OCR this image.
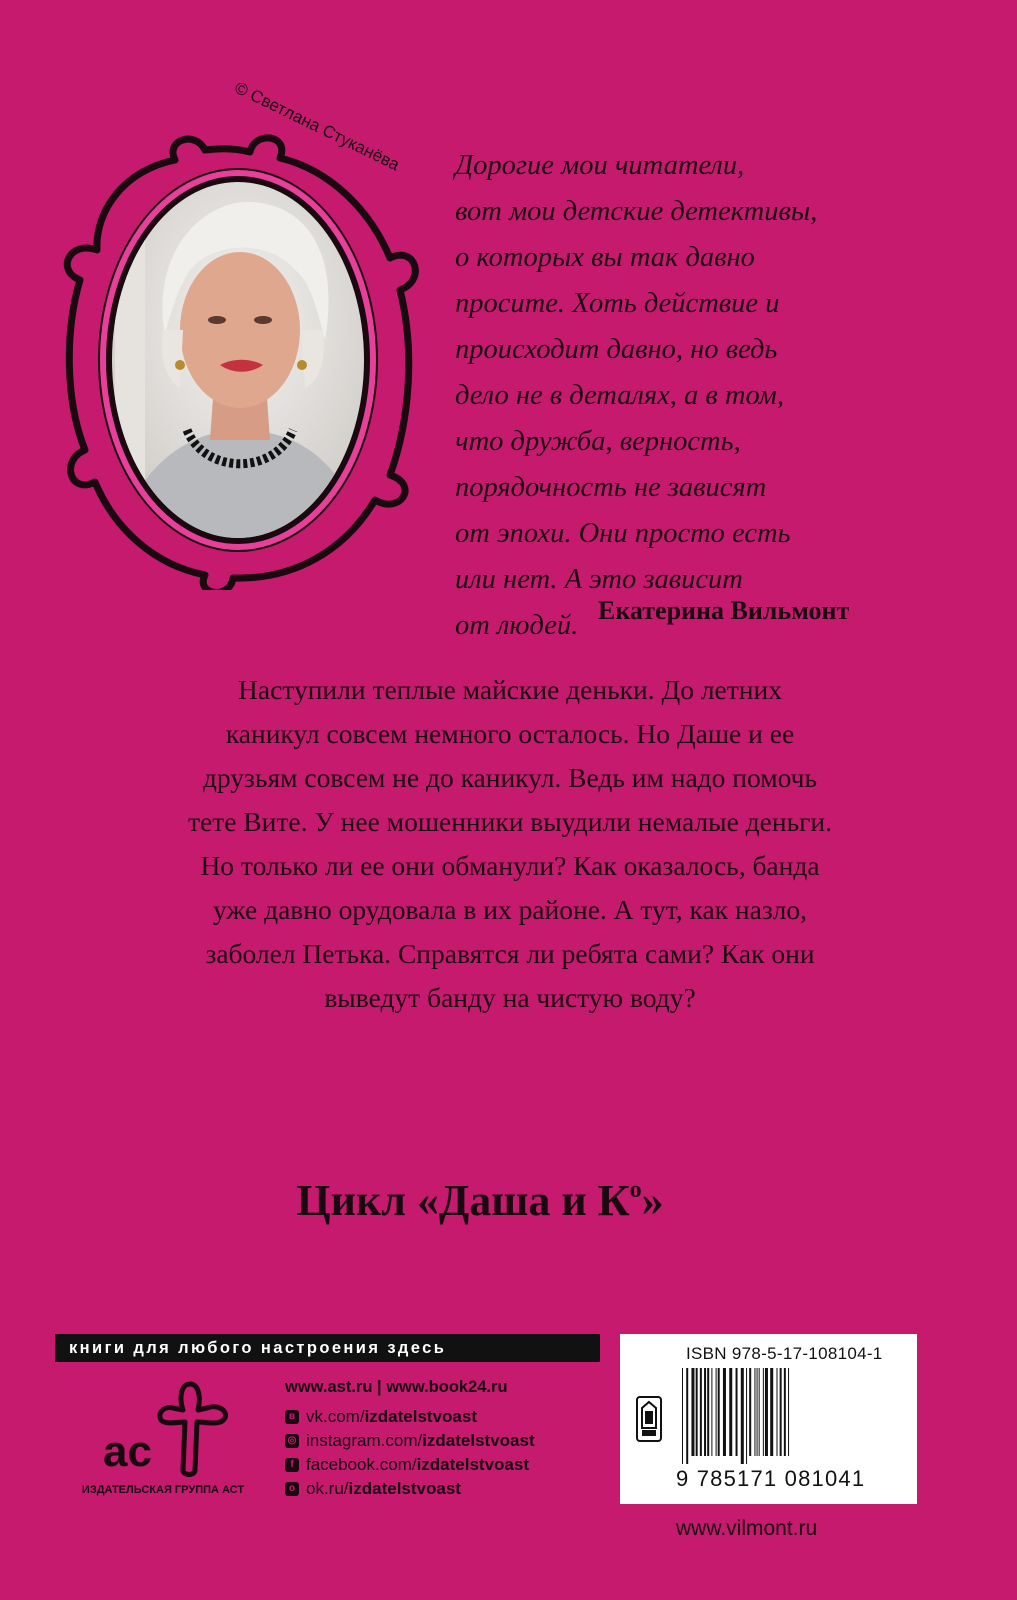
© Светлана Стуканёва Дорогие мои читатели,
вот мои детские детективы,
о которых вы так давно
просите. Хоть действие и
происходит давно, но ведь
дело не в деталях, а в том,
что дружба, верность,
порядочность не зависят
от эпохи. Они просто есть
или нет. А это зависит
от людей. Екатерина Вильмонт
Наступили теплые майские деньки. До летних
каникул совсем немного осталось. Но Даше и ее
друзьям совсем не до каникул. Ведь им надо помочь
тете Вите. У нее мошенники выудили немалые деньги.
Но только ли ее они обманули? Как оказалось, банда
уже давно орудовала в их районе. А тут, как назло,
заболел Петька. Справятся ли ребята сами? Как они
выведут банду на чистую воду?
Цикл «Даша и $К^о$»
книги для любого настроения здесь
ас
ИЗДАТЕЛЬСКАЯ ГРУППА АСТ
www.ast.ru | www.book24.ru
в vk.com/ izdatelstvoast
◎ instagram.com/ izdatelstvoast
f facebook.com/ izdatelstvoast
о ok.ru/ izdatelstvoast
ISBN 978-5-17-108104-1
9 785171 081041
www.vilmont.ru
